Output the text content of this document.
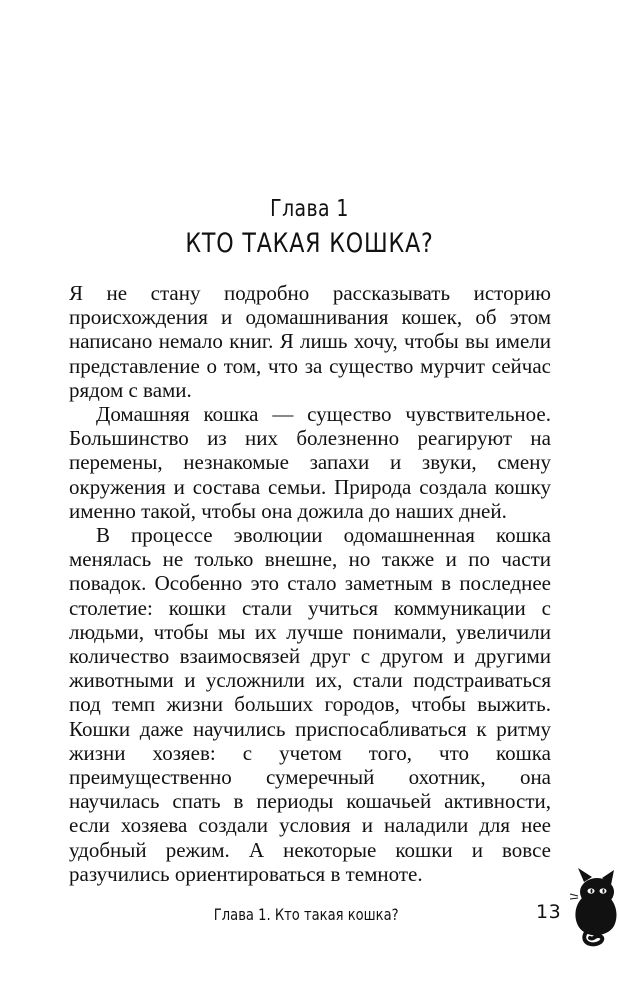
Глава 1
КТО ТАКАЯ КОШКА?

Я не стану подробно рассказывать историю происхождения и одомашнивания кошек, об этом написано немало книг. Я лишь хочу, чтобы вы имели представление о том, что за существо мурчит сейчас рядом с вами.

Домашняя кошка — существо чувствительное. Большинство из них болезненно реагируют на перемены, незнакомые запахи и звуки, смену окружения и состава семьи. Природа создала кошку именно такой, чтобы она дожила до наших дней.

В процессе эволюции одомашненная кошка менялась не только внешне, но также и по части повадок. Особенно это стало заметным в последнее столетие: кошки стали учиться коммуникации с людьми, чтобы мы их лучше понимали, увеличили количество взаимосвязей друг с другом и другими животными и усложнили их, стали подстраиваться под темп жизни больших городов, чтобы выжить. Кошки даже научились приспосабливаться к ритму жизни хозяев: с учетом того, что кошка преимущественно сумеречный охотник, она научилась спать в периоды кошачьей активности, если хозяева создали условия и наладили для нее удобный режим. А некоторые кошки и вовсе разучились ориентироваться в темноте.

Глава 1. Кто такая кошка?	13
